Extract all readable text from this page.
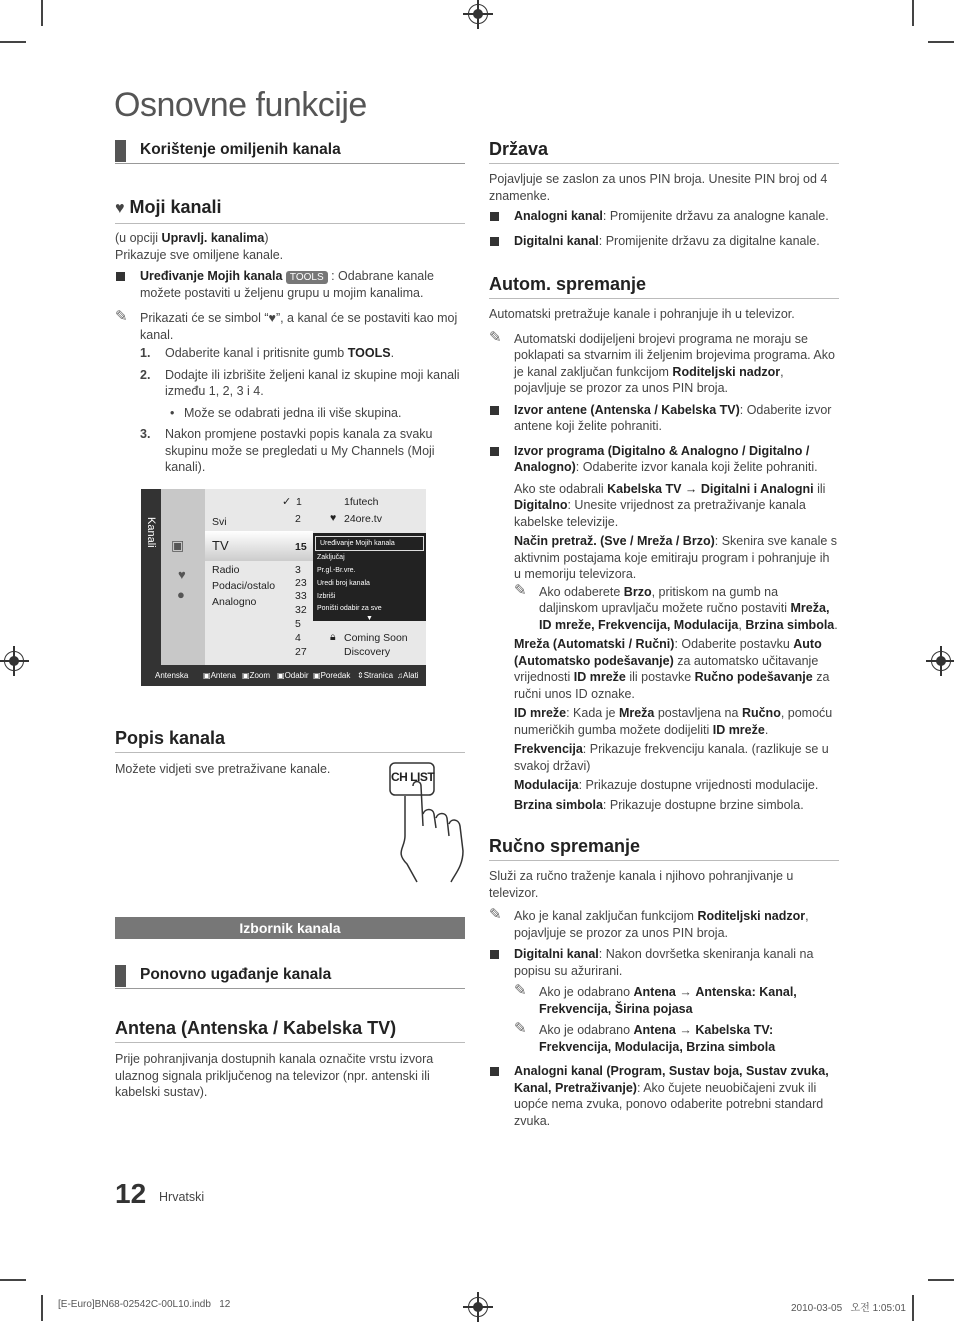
Osnovne funkcije
Korištenje omiljenih kanala
♥ Moji kanali

(u opciji Upravlj. kanalima)

Prikazuje sve omiljene kanale.

Uređivanje Mojih kanala TOOLS : Odabrane kanale možete postaviti u željenu grupu u mojim kanalima.

✎ Prikazati će se simbol “♥”, a kanal će se postaviti kao moj kanal.

1. Odaberite kanal i pritisnite gumb TOOLS.

2. Dodajte ili izbrišite željeni kanal iz skupine moji kanali između 1, 2, 3 i 4.

• Može se odabrati jedna ili više skupina.

3. Nakon promjene postavki popis kanala za svaku skupinu može se pregledati u My Channels (Moji kanali).

Kanali ▣
♥
●
Svi
TV
Radio
Podaci/ostalo
Analogno
✓ 1
2
15
3
23
33
32
5
4
27
1futech
♥ 24ore.tv
Uređivanje Mojih kanala
Zaključaj
Pr.gl.-Br.vre.
Uredi broj kanala
Izbriši
Poništi odabir za sve
▼
🔒︎ Coming Soon
Discovery
Antenska ▣ Antena ▣ Zoom ▣ Odabir ▣ Poredak ⇕ Stranica ♫ Alati
Popis kanala

Možete vidjeti sve pretraživane kanale.

CH LIST
Izbornik kanala
Ponovno ugađanje kanala
Antena (Antenska / Kabelska TV)

Prije pohranjivanja dostupnih kanala označite vrstu izvora ulaznog signala priključenog na televizor (npr. antenski ili kabelski sustav).

Država

Pojavljuje se zaslon za unos PIN broja. Unesite PIN broj od 4 znamenke.

Analogni kanal: Promijenite državu za analogne kanale.

Digitalni kanal: Promijenite državu za digitalne kanale.

Autom. spremanje

Automatski pretražuje kanale i pohranjuje ih u televizor.

✎ Automatski dodijeljeni brojevi programa ne moraju se poklapati sa stvarnim ili željenim brojevima programa. Ako je kanal zaključan funkcijom Roditeljski nadzor, pojavljuje se prozor za unos PIN broja.

Izvor antene (Antenska / Kabelska TV): Odaberite izvor antene koji želite pohraniti.

Izvor programa (Digitalno & Analogno / Digitalno / Analogno): Odaberite izvor kanala koji želite pohraniti.

Ako ste odabrali Kabelska TV → Digitalni i Analogni ili Digitalno: Unesite vrijednost za pretraživanje kanala kabelske televizije.

Način pretraž. (Sve / Mreža / Brzo): Skenira sve kanale s aktivnim postajama koje emitiraju program i pohranjuje ih u memoriju televizora.

✎ Ako odaberete Brzo, pritiskom na gumb na daljinskom upravljaču možete ručno postaviti Mreža, ID mreže, Frekvencija, Modulacija, Brzina simbola.

Mreža (Automatski / Ručni): Odaberite postavku Auto (Automatsko podešavanje) za automatsko učitavanje vrijednosti ID mreže ili postavke Ručno podešavanje za ručni unos ID oznake.

ID mreže: Kada je Mreža postavljena na Ručno, pomoću numeričkih gumba možete dodijeliti ID mreže.

Frekvencija: Prikazuje frekvenciju kanala. (razlikuje se u svakoj državi)

Modulacija: Prikazuje dostupne vrijednosti modulacije.

Brzina simbola: Prikazuje dostupne brzine simbola.

Ručno spremanje

Služi za ručno traženje kanala i njihovo pohranjivanje u televizor.

✎ Ako je kanal zaključan funkcijom Roditeljski nadzor, pojavljuje se prozor za unos PIN broja.

Digitalni kanal: Nakon dovršetka skeniranja kanali na popisu su ažurirani.

✎ Ako je odabrano Antena → Antenska: Kanal, Frekvencija, Širina pojasa

✎ Ako je odabrano Antena → Kabelska TV: Frekvencija, Modulacija, Brzina simbola

Analogni kanal (Program, Sustav boja, Sustav zvuka, Kanal, Pretraživanje): Ako čujete neuobičajeni zvuk ili uopće nema zvuka, ponovo odaberite potrebni standard zvuka.

12 Hrvatski
[E-Euro]BN68-02542C-00L10.indb   12	2010-03-05   오전 1:05:01
